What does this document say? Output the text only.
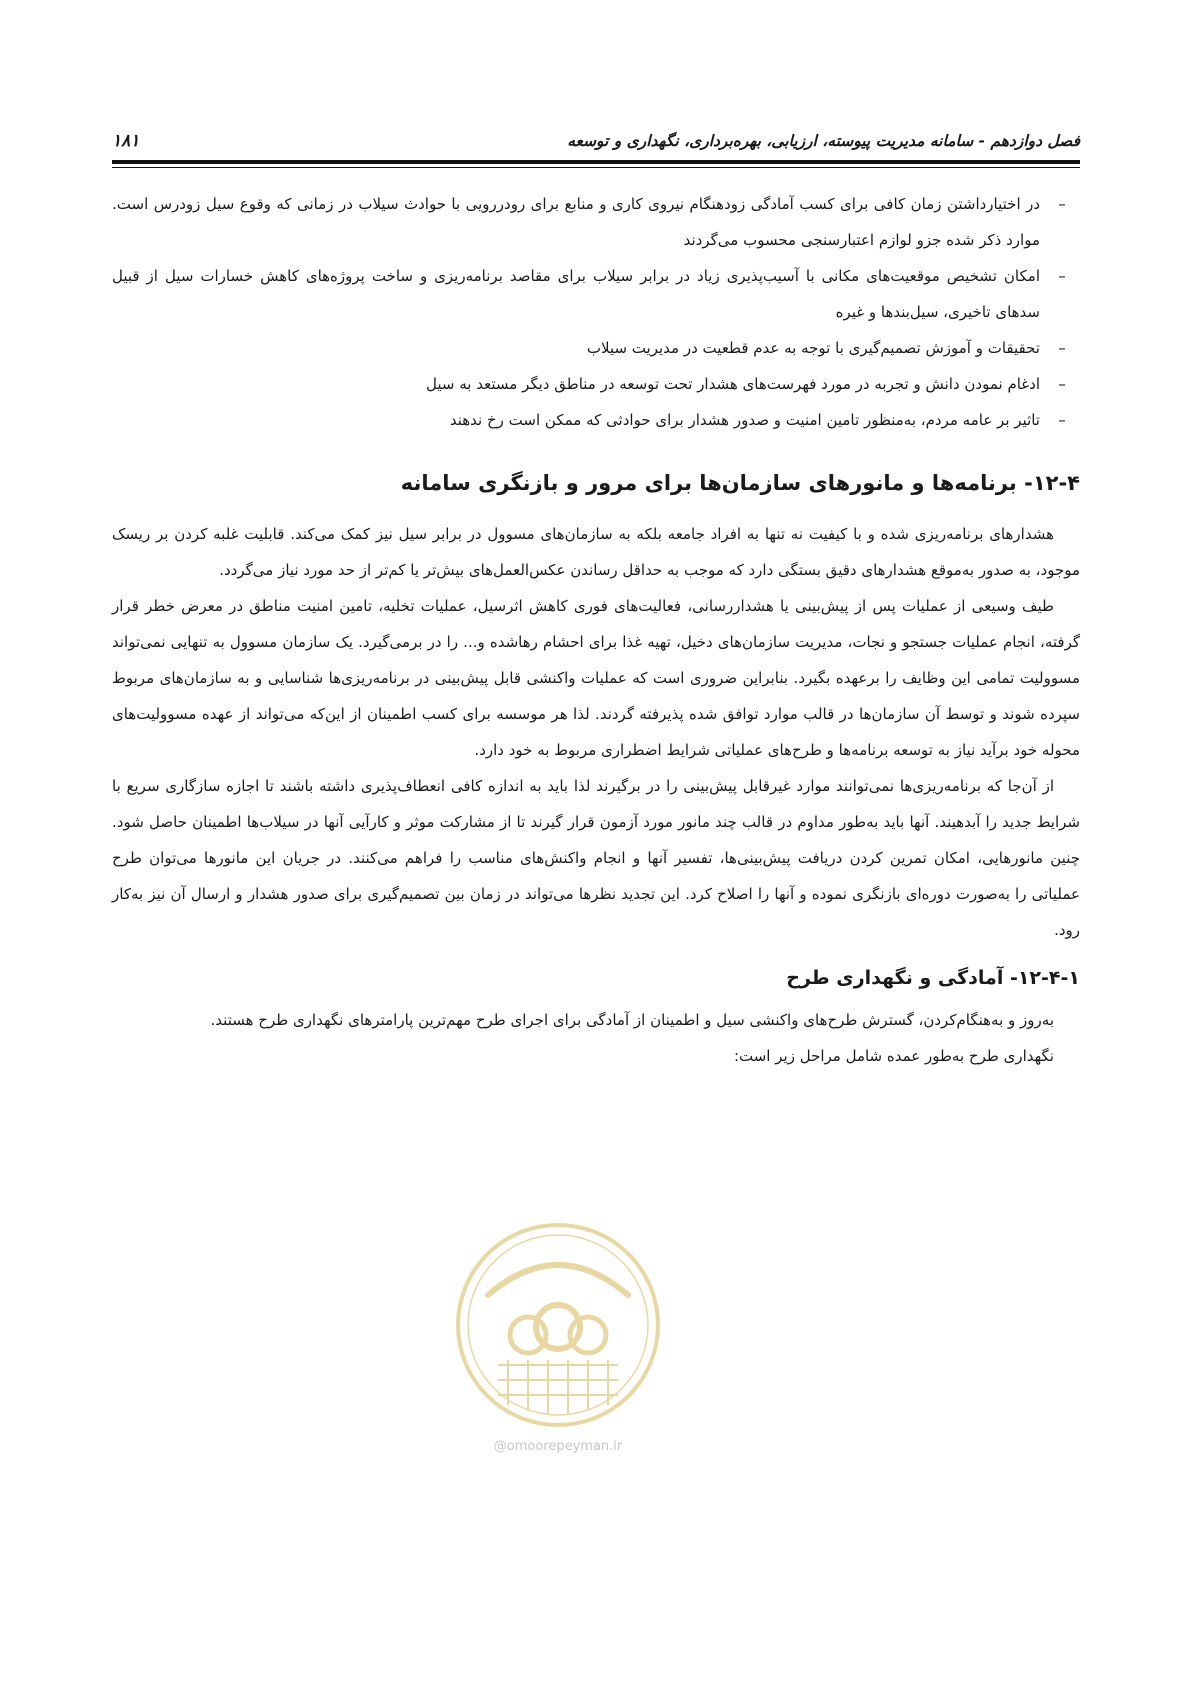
فصل دوازدهم - سامانه مدیریت پیوسته، ارزیابی، بهره‌برداری، نگهداری و توسعه
۱۸۱
–
در اختیارداشتن زمان کافی برای کسب آمادگی زودهنگام نیروی کاری و منابع برای رودررویی با حوادث سیلاب در زمانی که وقوع سیل زودرس است. موارد ذکر شده جزو لوازم اعتبارسنجی محسوب می‌گردند
–
امکان تشخیص موقعیت‌های مکانی با آسیب‌پذیری زیاد در برابر سیلاب برای مقاصد برنامه‌ریزی و ساخت پروژه‌های کاهش خسارات سیل از قبیل سدهای تاخیری، سیل‌بندها و غیره
–
تحقیقات و آموزش تصمیم‌گیری با توجه به عدم قطعیت در مدیریت سیلاب
–
ادغام نمودن دانش و تجربه در مورد فهرست‌های هشدار تحت توسعه در مناطق دیگر مستعد به سیل
–
تاثیر بر عامه مردم، به‌منظور تامین امنیت و صدور هشدار برای حوادثی که ممکن است رخ ندهند
۱۲-۴- برنامه‌ها و مانورهای سازمان‌ها برای مرور و بازنگری سامانه

هشدارهای برنامه‌ریزی شده و با کیفیت نه تنها به افراد جامعه بلکه به سازمان‌های مسوول در برابر سیل نیز کمک می‌کند. قابلیت غلبه کردن بر ریسک موجود، به صدور به‌موقع هشدارهای دقیق بستگی دارد که موجب به حداقل رساندن عکس‌العمل‌های بیش‌تر یا کم‌تر از حد مورد نیاز می‌گردد.

طیف وسیعی از عملیات پس از پیش‌بینی یا هشداررسانی، فعالیت‌های فوری کاهش اثرسیل، عملیات تخلیه، تامین امنیت مناطق در معرض خطر قرار گرفته، انجام عملیات جستجو و نجات، مدیریت سازمان‌های دخیل، تهیه غذا برای احشام رهاشده و... را در برمی‌گیرد. یک سازمان مسوول به تنهایی نمی‌تواند مسوولیت تمامی این وظایف را برعهده بگیرد. بنابراین ضروری است که عملیات واکنشی قابل پیش‌بینی در برنامه‌ریزی‌ها شناسایی و به سازمان‌های مربوط سپرده شوند و توسط آن سازمان‌ها در قالب موارد توافق شده پذیرفته گردند. لذا هر موسسه برای کسب اطمینان از این‌که می‌تواند از عهده مسوولیت‌های محوله خود برآید نیاز به توسعه برنامه‌ها و طرح‌های عملیاتی شرایط اضطراری مربوط به خود دارد.

از آن‌جا که برنامه‌ریزی‌ها نمی‌توانند موارد غیرقابل پیش‌بینی را در برگیرند لذا باید به اندازه کافی انعطاف‌پذیری داشته باشند تا اجازه سازگاری سریع با شرایط جدید را آبدهیند. آنها باید به‌طور مداوم در قالب چند مانور مورد آزمون قرار گیرند تا از مشارکت موثر و کارآیی آنها در سیلاب‌ها اطمینان حاصل شود. چنین مانورهایی، امکان تمرین کردن دریافت پیش‌بینی‌ها، تفسیر آنها و انجام واکنش‌های مناسب را فراهم می‌کنند. در جریان این مانورها می‌توان طرح عملیاتی را به‌صورت دوره‌ای بازنگری نموده و آنها را اصلاح کرد. این تجدید نظرها می‌تواند در زمان بین تصمیم‌گیری برای صدور هشدار و ارسال آن نیز به‌کار رود.

۱۲-۴-۱- آمادگی و نگهداری طرح

به‌روز و به‌هنگام‌کردن، گسترش طرح‌های واکنشی سیل و اطمینان از آمادگی برای اجرای طرح مهم‌ترین پارامترهای نگهداری طرح هستند.

نگهداری طرح به‌طور عمده شامل مراحل زیر است:

@omoorepeyman.ir
